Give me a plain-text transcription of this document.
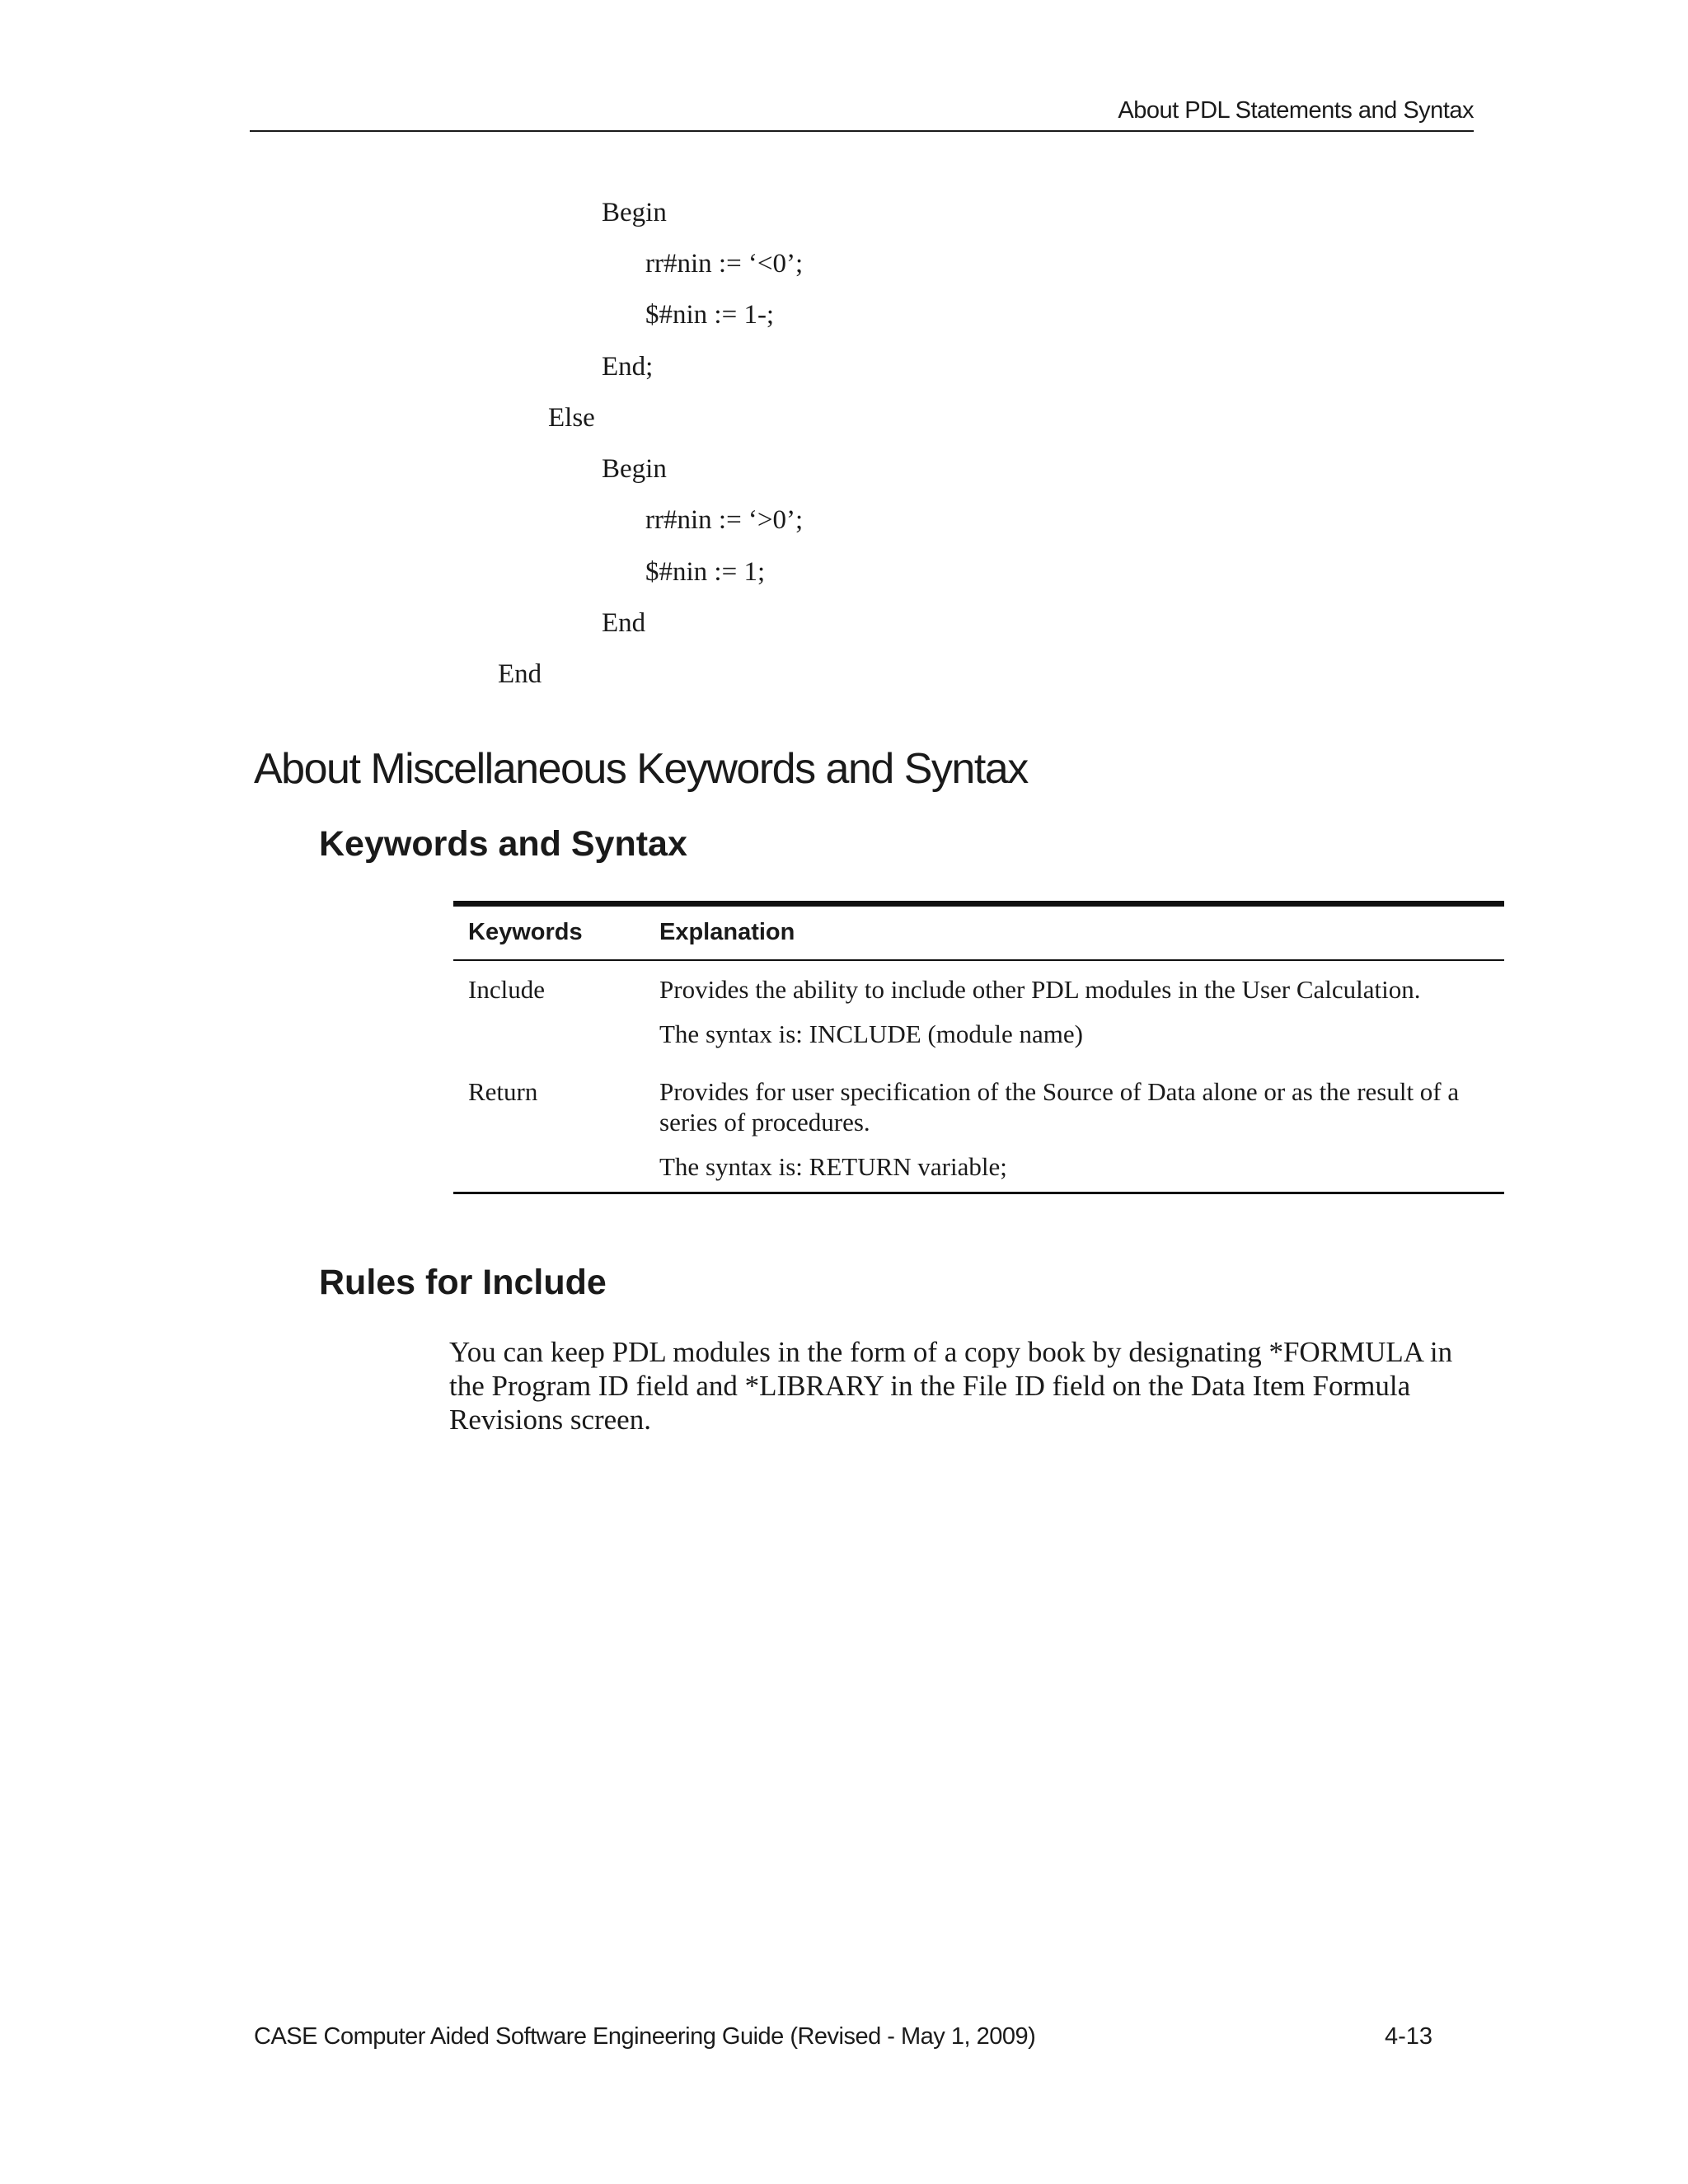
About PDL Statements and Syntax
Begin
rr#nin := ‘<0’;
$#nin := 1-;
End;
Else
Begin
rr#nin := ‘>0’;
$#nin := 1;
End
End
About Miscellaneous Keywords and Syntax
Keywords and Syntax
Keywords	Explanation
Include	Provides the ability to include other PDL modules in the User Calculation.
The syntax is: INCLUDE (module name)
Return	Provides for user specification of the Source of Data alone or as the result of a series of procedures.
The syntax is: RETURN variable;
Rules for Include

You can keep PDL modules in the form of a copy book by designating *FORMULA in the Program ID field and *LIBRARY in the File ID field on the Data Item Formula Revisions screen.

CASE Computer Aided Software Engineering Guide (Revised - May 1, 2009)	4-13
